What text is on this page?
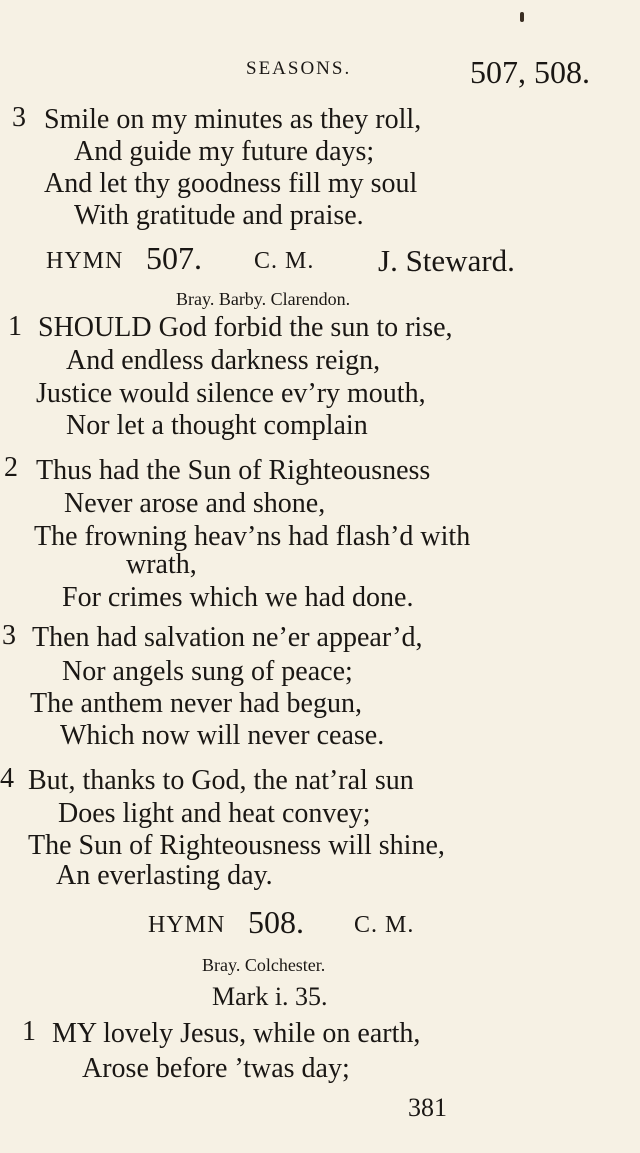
SEASONS.	507, 508.
3 Smile on my minutes as they roll,
And guide my future days;
And let thy goodness fill my soul
With gratitude and praise.
HYMN 507. C. M. J. Steward.
Bray. Barby. Clarendon.
1 SHOULD God forbid the sun to rise,
And endless darkness reign,
Justice would silence ev’ry mouth,
Nor let a thought complain
2 Thus had the Sun of Righteousness
Never arose and shone,
The frowning heav’ns had flash’d with
wrath,
For crimes which we had done.
3 Then had salvation ne’er appear’d,
Nor angels sung of peace;
The anthem never had begun,
Which now will never cease.
4 But, thanks to God, the nat’ral sun
Does light and heat convey;
The Sun of Righteousness will shine,
An everlasting day.
HYMN 508. C. M.
Bray. Colchester.
Mark i. 35.
1 MY lovely Jesus, while on earth,
Arose before ’twas day;
381
